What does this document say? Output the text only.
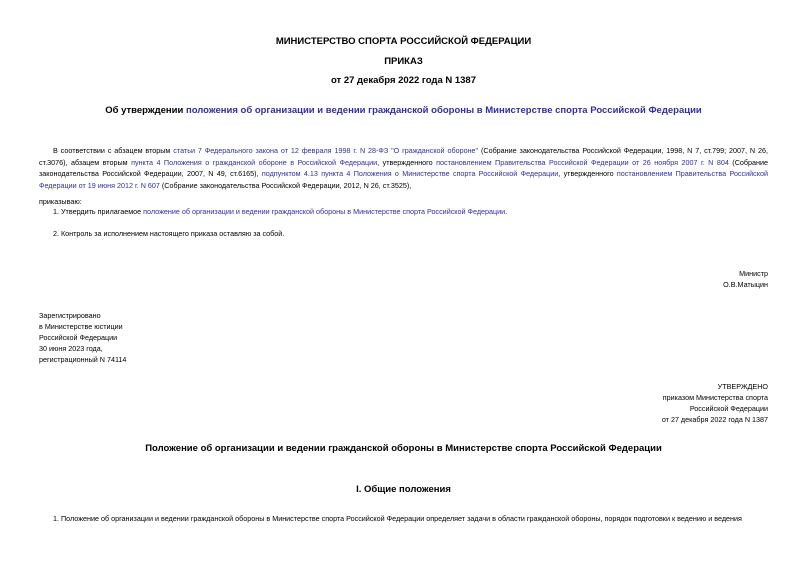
МИНИСТЕРСТВО СПОРТА РОССИЙСКОЙ ФЕДЕРАЦИИ
ПРИКАЗ
от 27 декабря 2022 года N 1387
Об утверждении положения об организации и ведении гражданской обороны в Министерстве спорта Российской Федерации
В соответствии с абзацем вторым статьи 7 Федерального закона от 12 февраля 1998 г. N 28-ФЗ "О гражданской обороне" (Собрание законодательства Российской Федерации, 1998, N 7, ст.799; 2007, N 26, ст.3076), абзацем вторым пункта 4 Положения о гражданской обороне в Российской Федерации, утвержденного постановлением Правительства Российской Федерации от 26 ноября 2007 г. N 804 (Собрание законодательства Российской Федерации, 2007, N 49, ст.6165), подпунктом 4.13 пункта 4 Положения о Министерстве спорта Российской Федерации, утвержденного постановлением Правительства Российской Федерации от 19 июня 2012 г. N 607 (Собрание законодательства Российской Федерации, 2012, N 26, ст.3525),
приказываю:
1. Утвердить прилагаемое положение об организации и ведении гражданской обороны в Министерстве спорта Российской Федерации.
2. Контроль за исполнением настоящего приказа оставляю за собой.
Министр
О.В.Матыцин
Зарегистрировано
в Министерстве юстиции
Российской Федерации
30 июня 2023 года,
регистрационный N 74114
УТВЕРЖДЕНО
приказом Министерства спорта
Российской Федерации
от 27 декабря 2022 года N 1387
Положение об организации и ведении гражданской обороны в Министерстве спорта Российской Федерации
I. Общие положения
1. Положение об организации и ведении гражданской обороны в Министерстве спорта Российской Федерации определяет задачи в области гражданской обороны, порядок подготовки к ведению и ведения
